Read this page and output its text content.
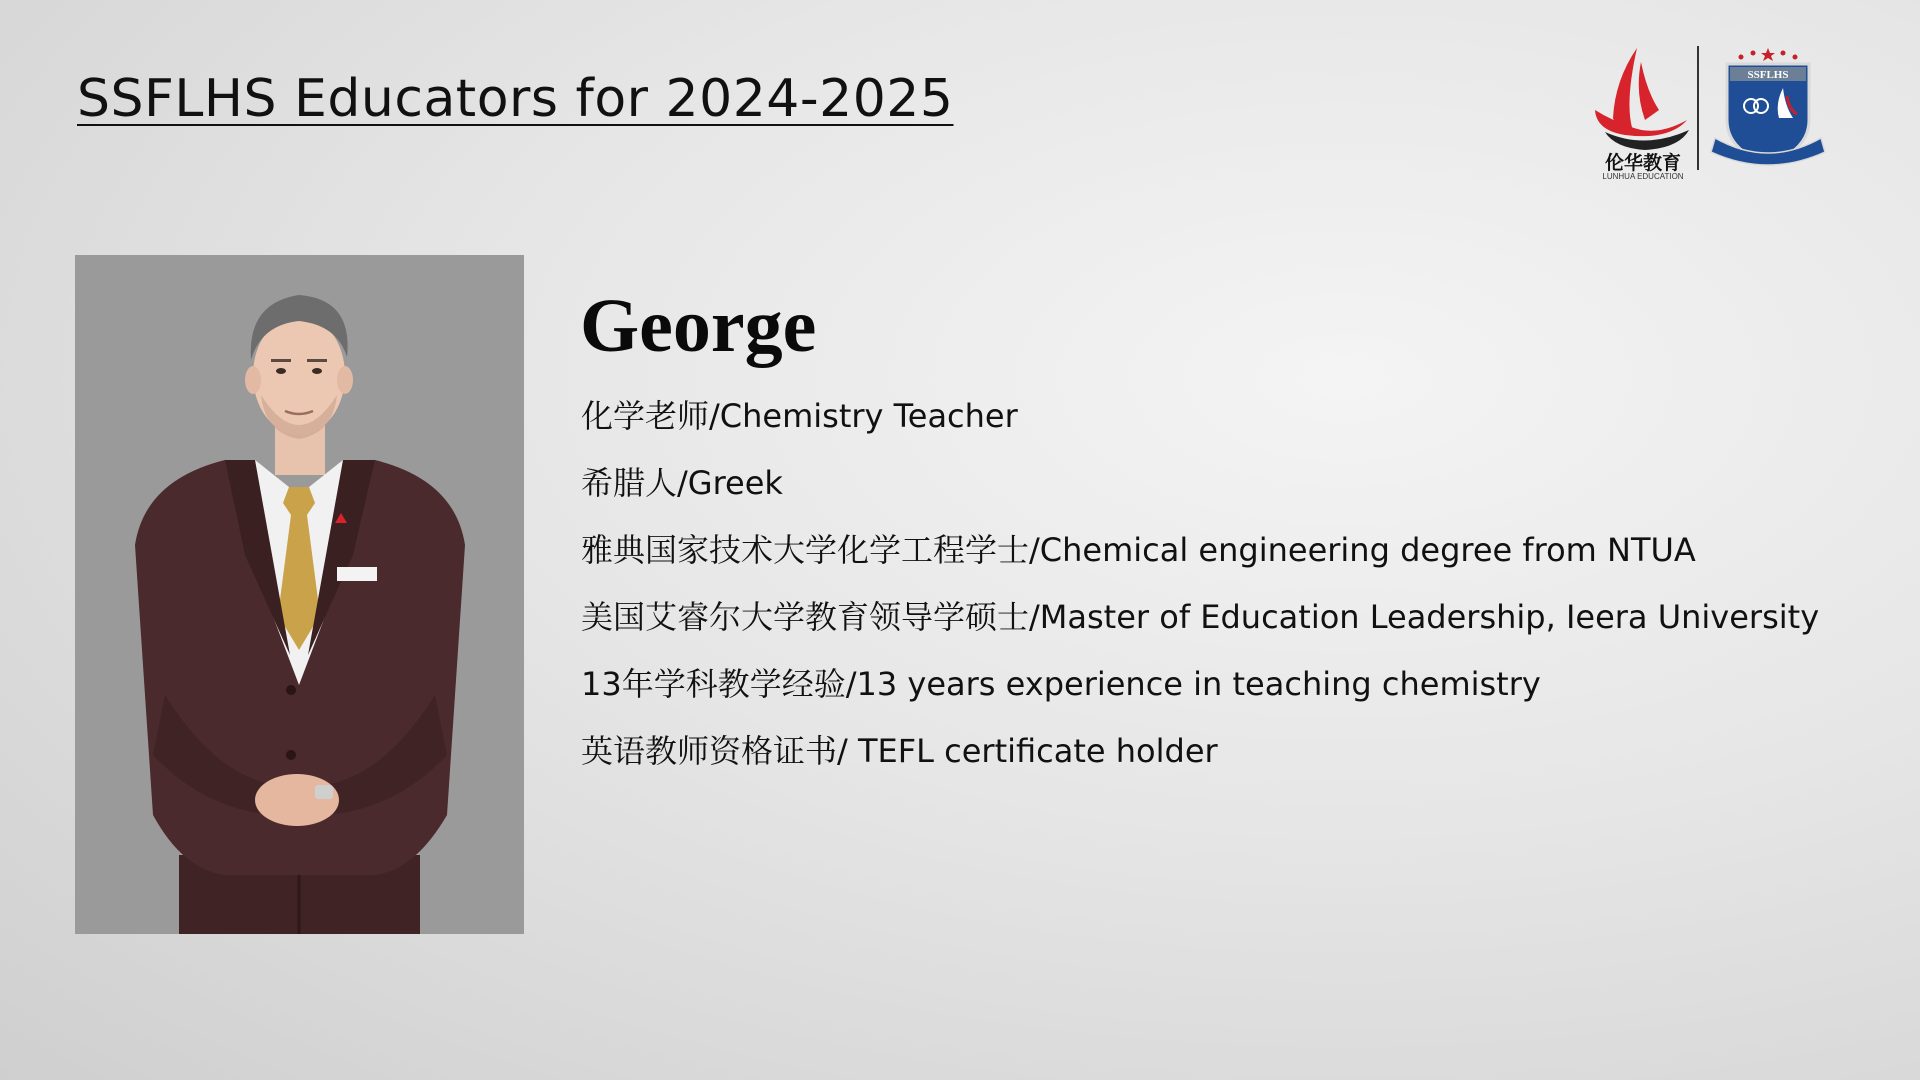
SSFLHS Educators for 2024-2025
George
化学老师/Chemistry Teacher
希腊人/Greek
雅典国家技术大学化学工程学士/Chemical engineering degree from NTUA
美国艾睿尔大学教育领导学硕士/Master of Education Leadership, Ieera University
13年学科教学经验/13 years experience in teaching chemistry
英语教师资格证书/ TEFL certificate holder
伦华教育
LUNHUA EDUCATION
SSFLHS
